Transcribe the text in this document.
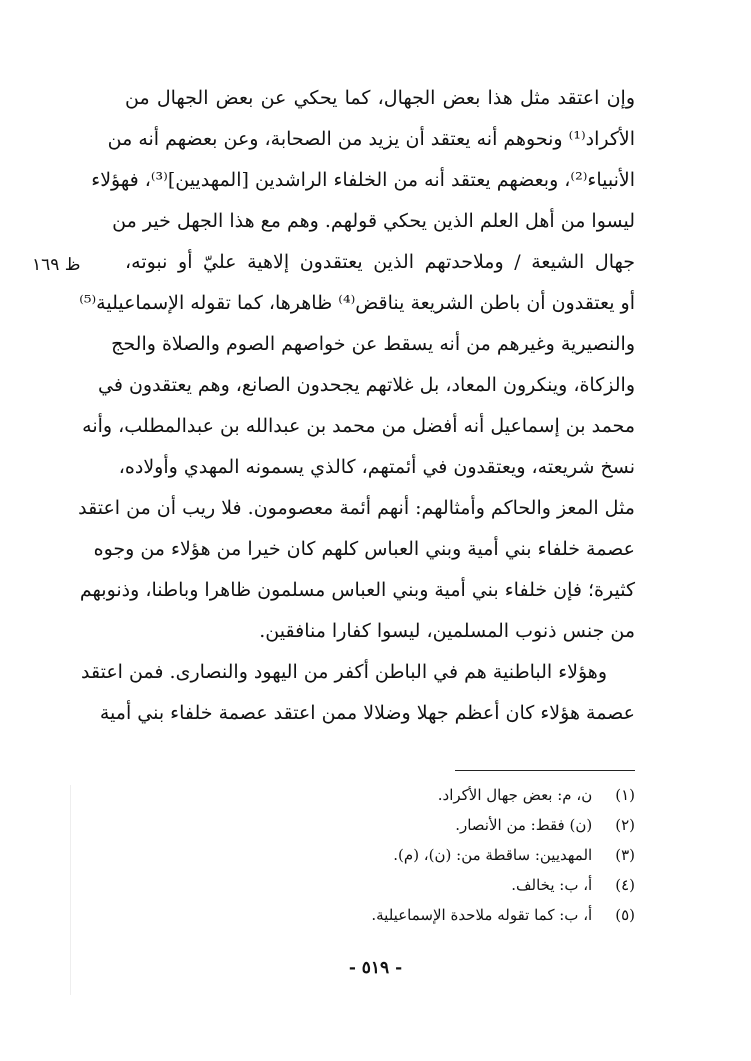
ظ ١٦٩
وإن اعتقد مثل هذا بعض الجهال، كما يحكي عن بعض الجهال من
الأكراد⁽¹⁾ ونحوهم أنه يعتقد أن يزيد من الصحابة، وعن بعضهم أنه من
الأنبياء⁽²⁾، وبعضهم يعتقد أنه من الخلفاء الراشدين [المهديين]⁽³⁾، فهؤلاء
ليسوا من أهل العلم الذين يحكي قولهم. وهم مع هذا الجهل خير من
جهال الشيعة / وملاحدتهم الذين يعتقدون إلاهية عليّ أو نبوته،
أو يعتقدون أن باطن الشريعة يناقض⁽⁴⁾ ظاهرها، كما تقوله الإسماعيلية⁽⁵⁾
والنصيرية وغيرهم من أنه يسقط عن خواصهم الصوم والصلاة والحج
والزكاة، وينكرون المعاد، بل غلاتهم يجحدون الصانع، وهم يعتقدون في
محمد بن إسماعيل أنه أفضل من محمد بن عبدالله بن عبدالمطلب، وأنه
نسخ شريعته، ويعتقدون في أئمتهم، كالذي يسمونه المهدي وأولاده،
مثل المعز والحاكم وأمثالهم: أنهم أئمة معصومون. فلا ريب أن من اعتقد
عصمة خلفاء بني أمية وبني العباس كلهم كان خيرا من هؤلاء من وجوه
كثيرة؛ فإن خلفاء بني أمية وبني العباس مسلمون ظاهرا وباطنا، وذنوبهم
من جنس ذنوب المسلمين، ليسوا كفارا منافقين.
وهؤلاء الباطنية هم في الباطن أكفر من اليهود والنصارى. فمن اعتقد
عصمة هؤلاء كان أعظم جهلا وضلالا ممن اعتقد عصمة خلفاء بني أمية
(١) ن، م: بعض جهال الأكراد.
(٢) (ن) فقط: من الأنصار.
(٣) المهديين: ساقطة من: (ن)، (م).
(٤) أ، ب: يخالف.
(٥) أ، ب: كما تقوله ملاحدة الإسماعيلية.
- ٥١٩ -
